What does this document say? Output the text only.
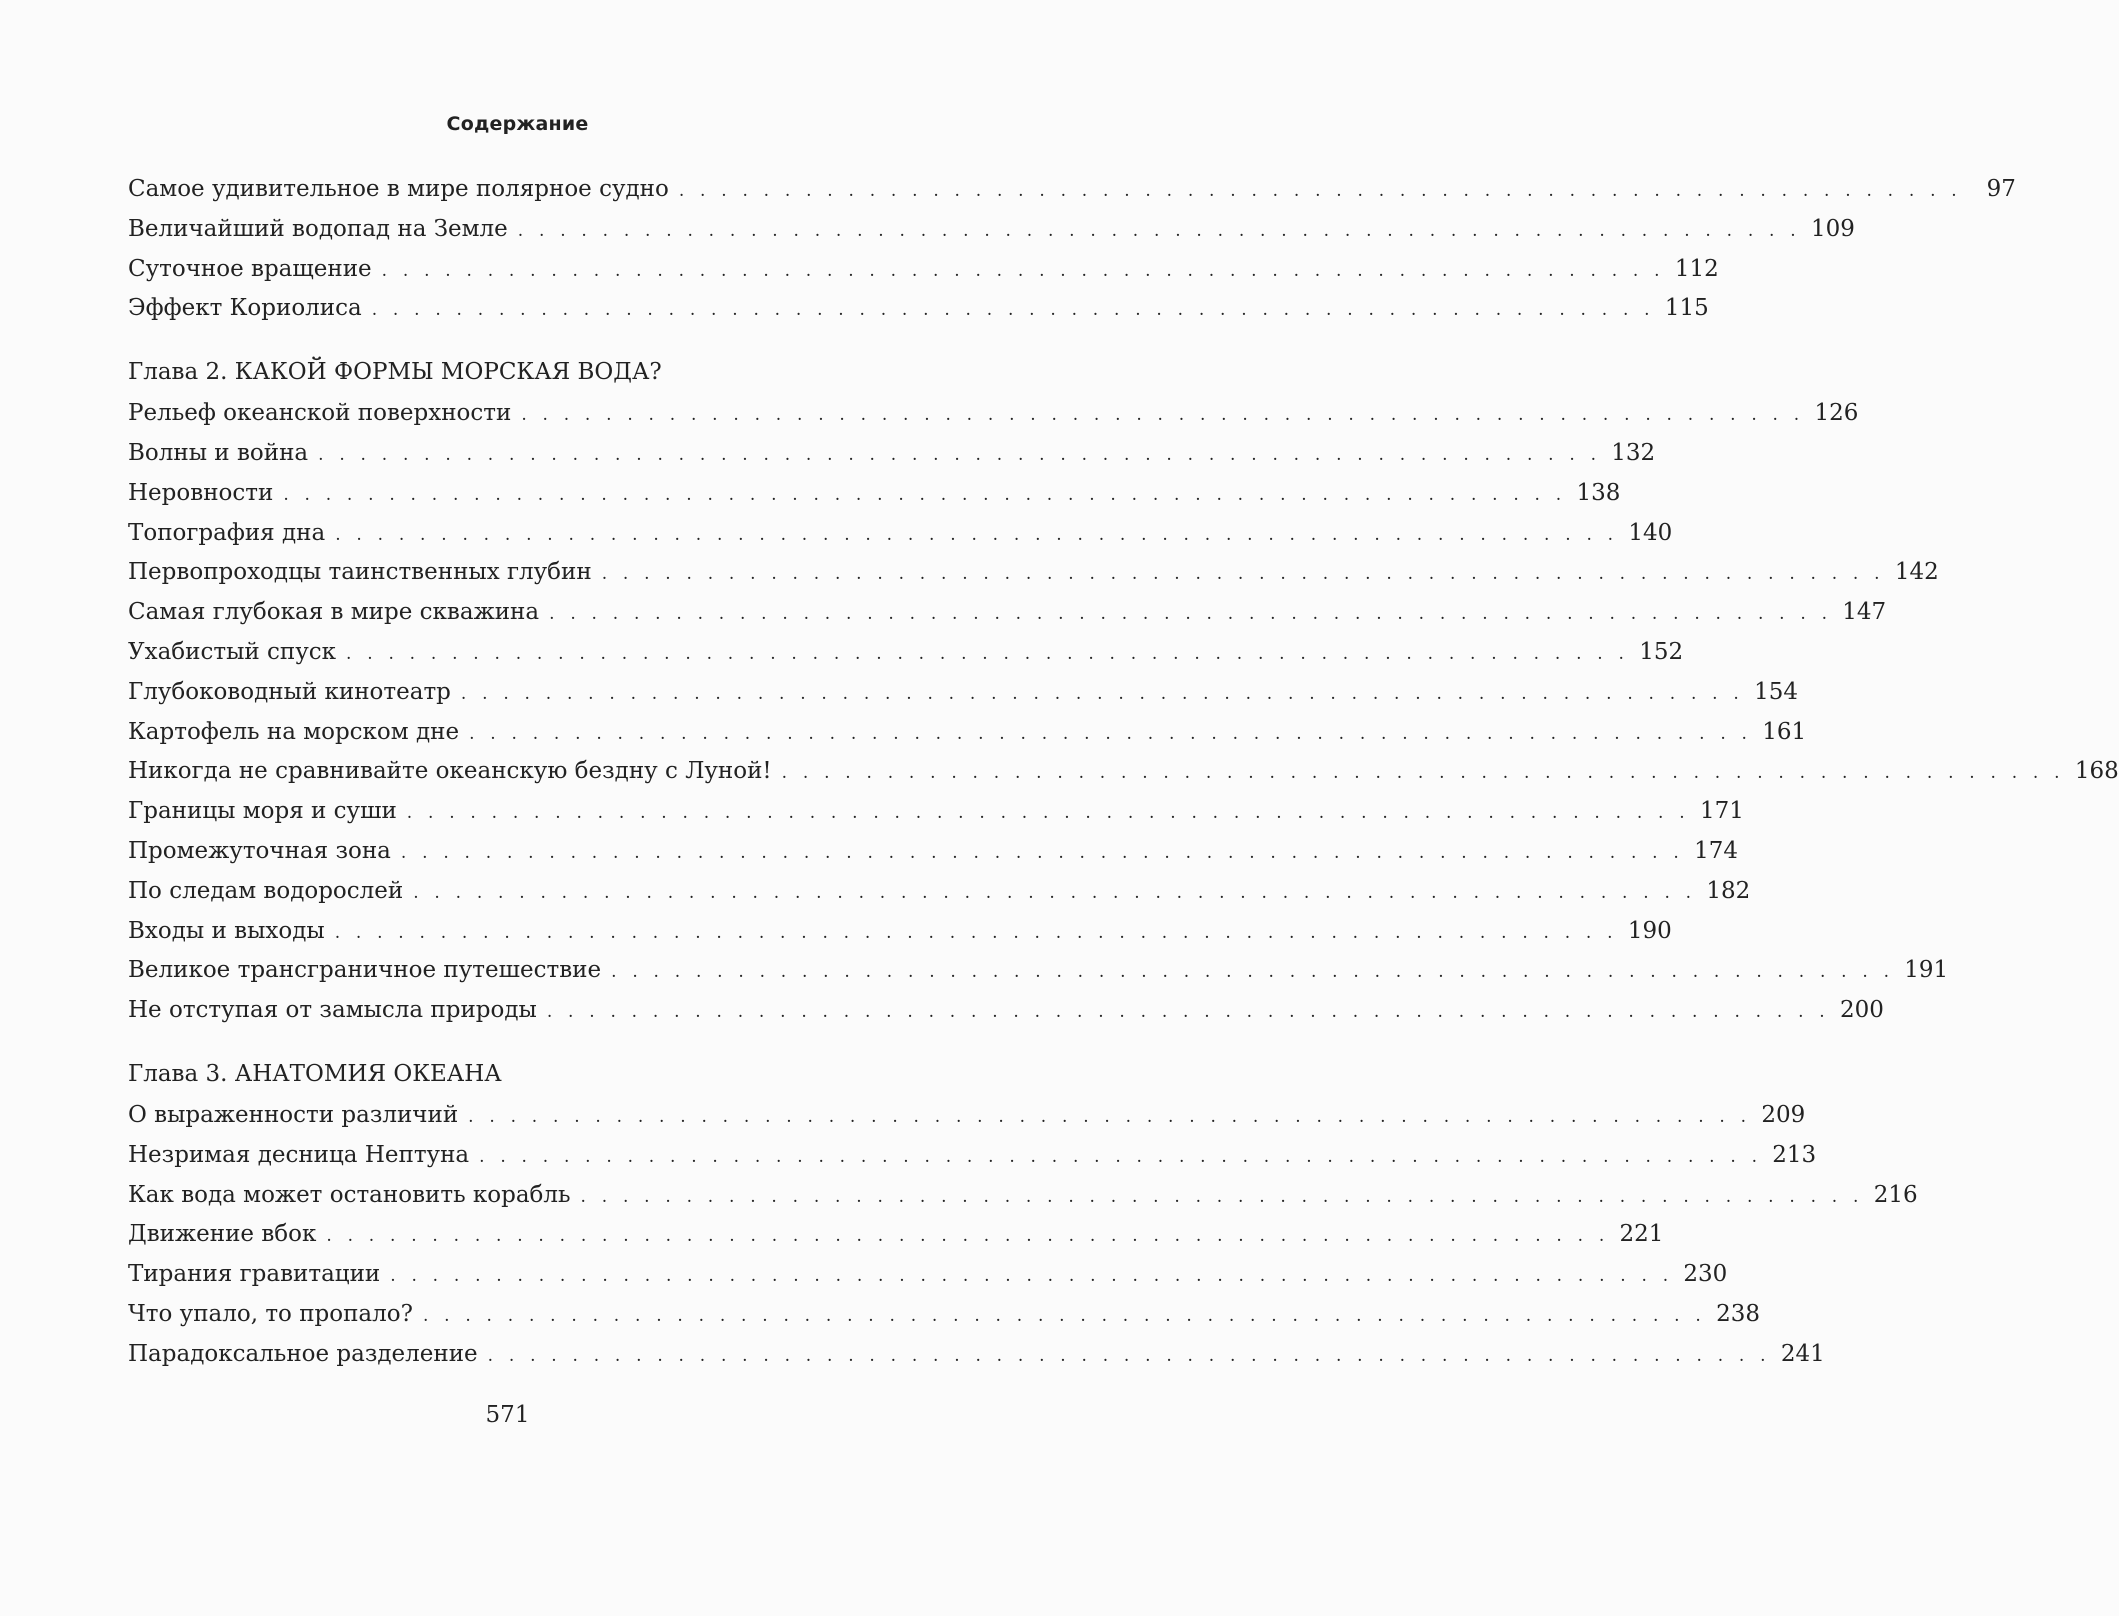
Содержание
Самое удивительное в мире полярное судно . . . . . . . . . . . . . . . . . . . . . . . . . . . . . . . . . . . . . . . . . . . . . . . . . . . . . . . . . . . . .	97
Величайший водопад на Земле . . . . . . . . . . . . . . . . . . . . . . . . . . . . . . . . . . . . . . . . . . . . . . . . . . . . . . . . . . . . . 109
Суточное вращение . . . . . . . . . . . . . . . . . . . . . . . . . . . . . . . . . . . . . . . . . . . . . . . . . . . . . . . . . . . . . 112
Эффект Кориолиса . . . . . . . . . . . . . . . . . . . . . . . . . . . . . . . . . . . . . . . . . . . . . . . . . . . . . . . . . . . . . 115
Глава 2. КАКОЙ ФОРМЫ МОРСКАЯ ВОДА?
Рельеф океанской поверхности . . . . . . . . . . . . . . . . . . . . . . . . . . . . . . . . . . . . . . . . . . . . . . . . . . . . . . . . . . . . . 126
Волны и война . . . . . . . . . . . . . . . . . . . . . . . . . . . . . . . . . . . . . . . . . . . . . . . . . . . . . . . . . . . . . 132
Неровности . . . . . . . . . . . . . . . . . . . . . . . . . . . . . . . . . . . . . . . . . . . . . . . . . . . . . . . . . . . . . 138
Топография дна . . . . . . . . . . . . . . . . . . . . . . . . . . . . . . . . . . . . . . . . . . . . . . . . . . . . . . . . . . . . . 140
Первопроходцы таинственных глубин . . . . . . . . . . . . . . . . . . . . . . . . . . . . . . . . . . . . . . . . . . . . . . . . . . . . . . . . . . . . . 142
Самая глубокая в мире скважина . . . . . . . . . . . . . . . . . . . . . . . . . . . . . . . . . . . . . . . . . . . . . . . . . . . . . . . . . . . . . 147
Ухабистый спуск . . . . . . . . . . . . . . . . . . . . . . . . . . . . . . . . . . . . . . . . . . . . . . . . . . . . . . . . . . . . . 152
Глубоководный кинотеатр . . . . . . . . . . . . . . . . . . . . . . . . . . . . . . . . . . . . . . . . . . . . . . . . . . . . . . . . . . . . . 154
Картофель на морском дне . . . . . . . . . . . . . . . . . . . . . . . . . . . . . . . . . . . . . . . . . . . . . . . . . . . . . . . . . . . . . 161
Никогда не сравнивайте океанскую бездну с Луной! . . . . . . . . . . . . . . . . . . . . . . . . . . . . . . . . . . . . . . . . . . . . . . . . . . . . . . . . . . . . . 168
Границы моря и суши . . . . . . . . . . . . . . . . . . . . . . . . . . . . . . . . . . . . . . . . . . . . . . . . . . . . . . . . . . . . . 171
Промежуточная зона . . . . . . . . . . . . . . . . . . . . . . . . . . . . . . . . . . . . . . . . . . . . . . . . . . . . . . . . . . . . . 174
По следам водорослей . . . . . . . . . . . . . . . . . . . . . . . . . . . . . . . . . . . . . . . . . . . . . . . . . . . . . . . . . . . . . 182
Входы и выходы . . . . . . . . . . . . . . . . . . . . . . . . . . . . . . . . . . . . . . . . . . . . . . . . . . . . . . . . . . . . . 190
Великое трансграничное путешествие . . . . . . . . . . . . . . . . . . . . . . . . . . . . . . . . . . . . . . . . . . . . . . . . . . . . . . . . . . . . . 191
Не отступая от замысла природы . . . . . . . . . . . . . . . . . . . . . . . . . . . . . . . . . . . . . . . . . . . . . . . . . . . . . . . . . . . . . 200
Глава 3. АНАТОМИЯ ОКЕАНА
О выраженности различий . . . . . . . . . . . . . . . . . . . . . . . . . . . . . . . . . . . . . . . . . . . . . . . . . . . . . . . . . . . . . 209
Незримая десница Нептуна . . . . . . . . . . . . . . . . . . . . . . . . . . . . . . . . . . . . . . . . . . . . . . . . . . . . . . . . . . . . . 213
Как вода может остановить корабль . . . . . . . . . . . . . . . . . . . . . . . . . . . . . . . . . . . . . . . . . . . . . . . . . . . . . . . . . . . . . 216
Движение вбок . . . . . . . . . . . . . . . . . . . . . . . . . . . . . . . . . . . . . . . . . . . . . . . . . . . . . . . . . . . . . 221
Тирания гравитации . . . . . . . . . . . . . . . . . . . . . . . . . . . . . . . . . . . . . . . . . . . . . . . . . . . . . . . . . . . . . 230
Что упало, то пропало? . . . . . . . . . . . . . . . . . . . . . . . . . . . . . . . . . . . . . . . . . . . . . . . . . . . . . . . . . . . . . 238
Парадоксальное разделение . . . . . . . . . . . . . . . . . . . . . . . . . . . . . . . . . . . . . . . . . . . . . . . . . . . . . . . . . . . . . 241
571
